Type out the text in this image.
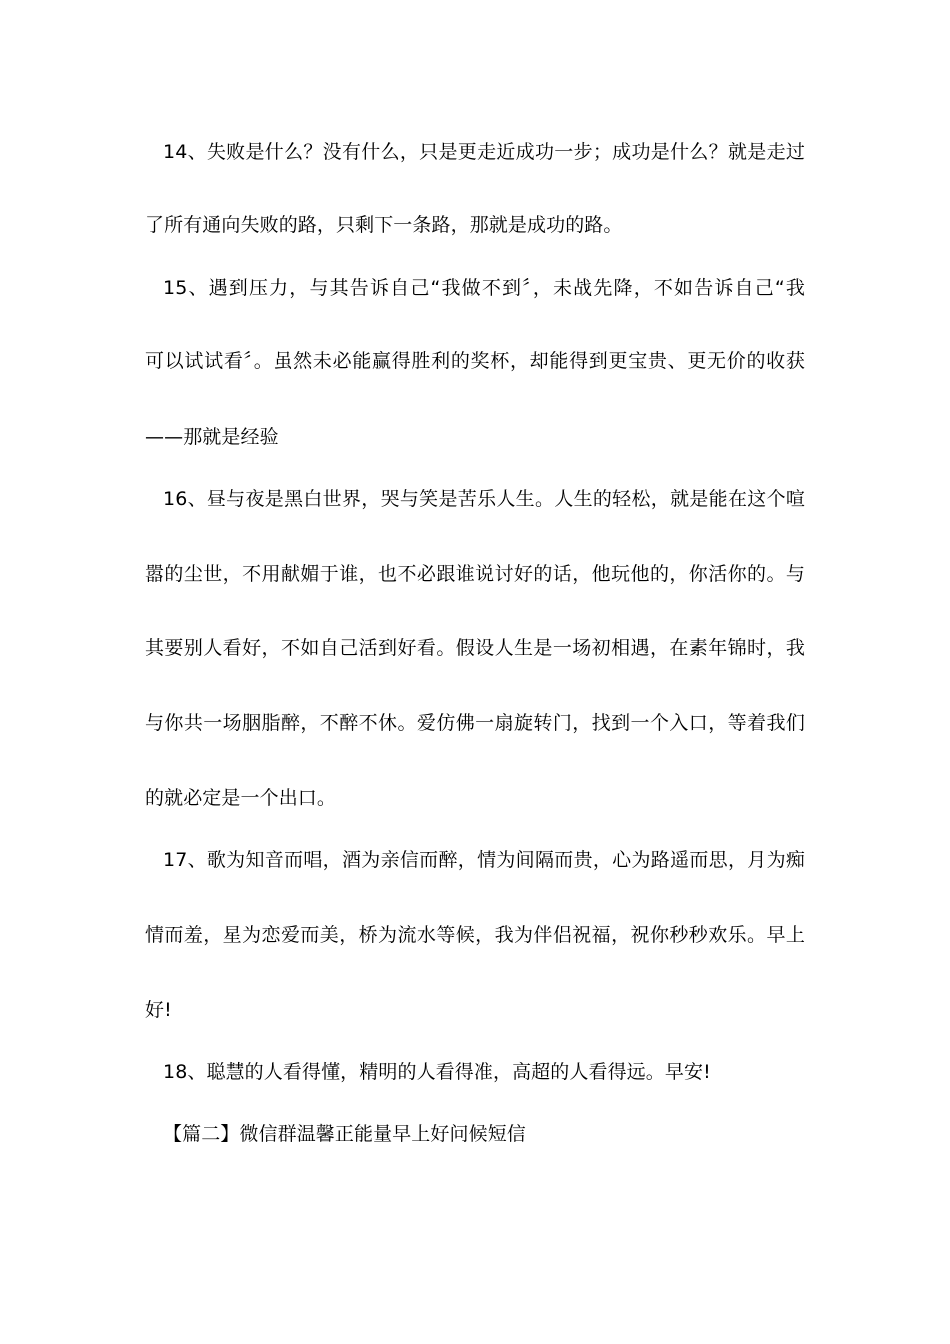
14、失败是什么？没有什么，只是更走近成功一步；成功是什么？就是走过
了所有通向失败的路，只剩下一条路，那就是成功的路。
15、遇到压力，与其告诉自己“我做不到〞，未战先降，不如告诉自己“我
可以试试看〞。虽然未必能赢得胜利的奖杯，却能得到更宝贵、更无价的收获
——那就是经验
16、昼与夜是黑白世界，哭与笑是苦乐人生。人生的轻松，就是能在这个喧
嚣的尘世，不用献媚于谁，也不必跟谁说讨好的话，他玩他的，你活你的。与
其要别人看好，不如自己活到好看。假设人生是一场初相遇，在素年锦时，我
与你共一场胭脂醉，不醉不休。爱仿佛一扇旋转门，找到一个入口，等着我们
的就必定是一个出口。
17、歌为知音而唱，酒为亲信而醉，情为间隔而贵，心为路遥而思，月为痴
情而羞，星为恋爱而美，桥为流水等候，我为伴侣祝福，祝你秒秒欢乐。早上
好!
18、聪慧的人看得懂，精明的人看得准，高超的人看得远。早安!
【篇二】微信群温馨正能量早上好问候短信
